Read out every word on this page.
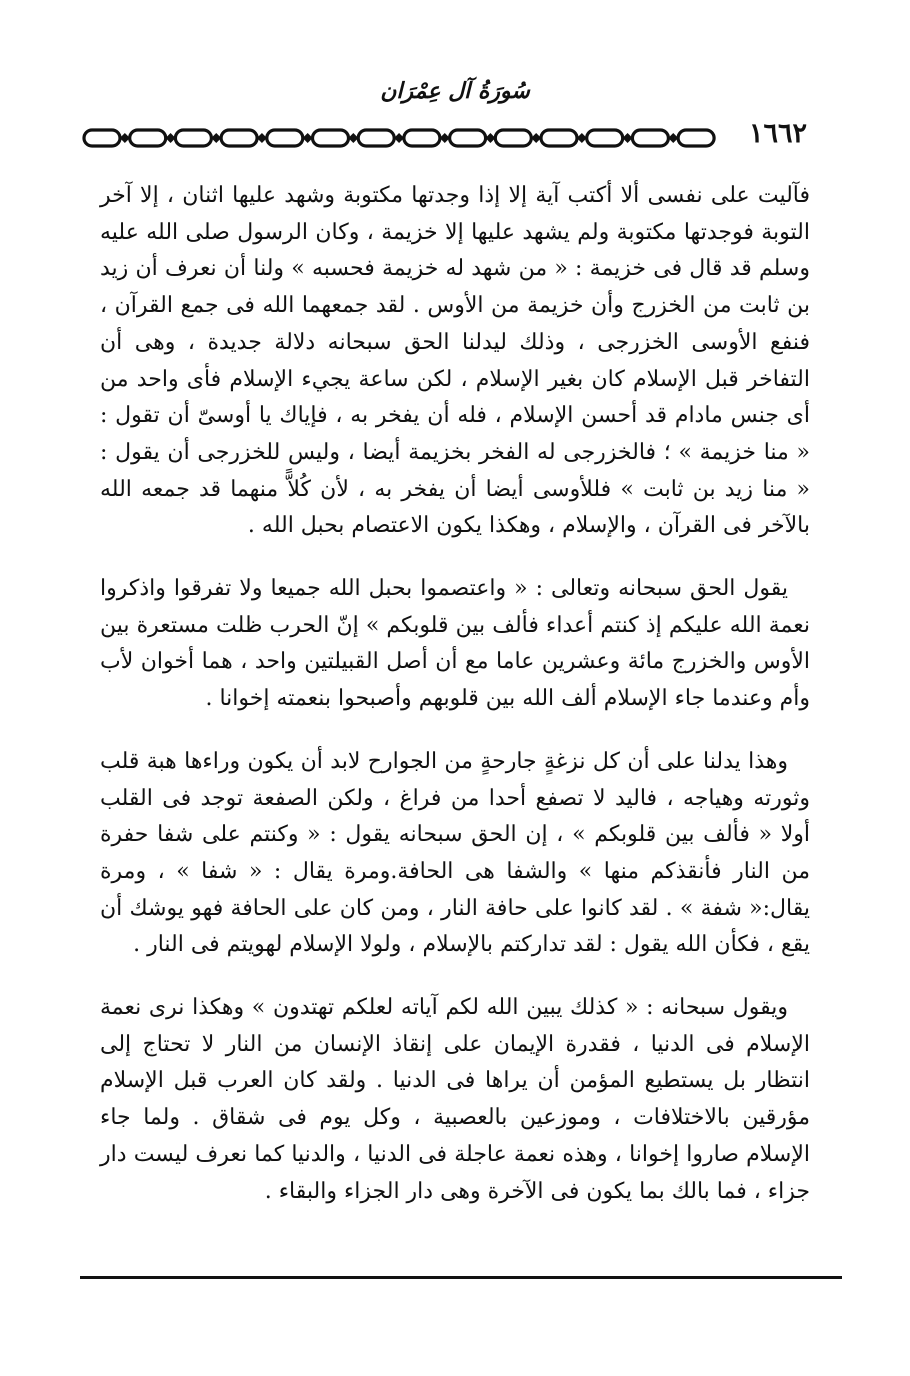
سُورَةُ آل عِمْرَان
١٦٦٢

فآليت على نفسى ألا أكتب آية إلا إذا وجدتها مكتوبة وشهد عليها اثنان ، إلا آخر التوبة فوجدتها مكتوبة ولم يشهد عليها إلا خزيمة ، وكان الرسول صلى الله عليه وسلم قد قال فى خزيمة : « من شهد له خزيمة فحسبه » ولنا أن نعرف أن زيد بن ثابت من الخزرج وأن خزيمة من الأوس . لقد جمعهما الله فى جمع القرآن ، فنفع الأوسى الخزرجى ، وذلك ليدلنا الحق سبحانه دلالة جديدة ، وهى أن التفاخر قبل الإسلام كان بغير الإسلام ، لكن ساعة يجيء الإسلام فأى واحد من أى جنس مادام قد أحسن الإسلام ، فله أن يفخر به ، فإياك يا أوسىّ أن تقول : « منا خزيمة » ؛ فالخزرجى له الفخر بخزيمة أيضا ، وليس للخزرجى أن يقول : « منا زيد بن ثابت » فللأوسى أيضا أن يفخر به ، لأن كُلاًّ منهما قد جمعه الله بالآخر فى القرآن ، والإسلام ، وهكذا يكون الاعتصام بحبل الله .

يقول الحق سبحانه وتعالى : « واعتصموا بحبل الله جميعا ولا تفرقوا واذكروا نعمة الله عليكم إذ كنتم أعداء فألف بين قلوبكم » إنّ الحرب ظلت مستعرة بين الأوس والخزرج مائة وعشرين عاما مع أن أصل القبيلتين واحد ، هما أخوان لأب وأم وعندما جاء الإسلام ألف الله بين قلوبهم وأصبحوا بنعمته إخوانا .

وهذا يدلنا على أن كل نزغةٍ جارحةٍ من الجوارح لابد أن يكون وراءها هبة قلب وثورته وهياجه ، فاليد لا تصفع أحدا من فراغ ، ولكن الصفعة توجد فى القلب أولا « فألف بين قلوبكم » ، إن الحق سبحانه يقول : « وكنتم على شفا حفرة من النار فأنقذكم منها » والشفا هى الحافة.ومرة يقال : « شفا » ، ومرة يقال:« شفة » . لقد كانوا على حافة النار ، ومن كان على الحافة فهو يوشك أن يقع ، فكأن الله يقول : لقد تداركتم بالإسلام ، ولولا الإسلام لهويتم فى النار .

ويقول سبحانه : « كذلك يبين الله لكم آياته لعلكم تهتدون » وهكذا نرى نعمة الإسلام فى الدنيا ، فقدرة الإيمان على إنقاذ الإنسان من النار لا تحتاج إلى انتظار بل يستطيع المؤمن أن يراها فى الدنيا . ولقد كان العرب قبل الإسلام مؤرقين بالاختلافات ، وموزعين بالعصبية ، وكل يوم فى شقاق . ولما جاء الإسلام صاروا إخوانا ، وهذه نعمة عاجلة فى الدنيا ، والدنيا كما نعرف ليست دار جزاء ، فما بالك بما يكون فى الآخرة وهى دار الجزاء والبقاء .
